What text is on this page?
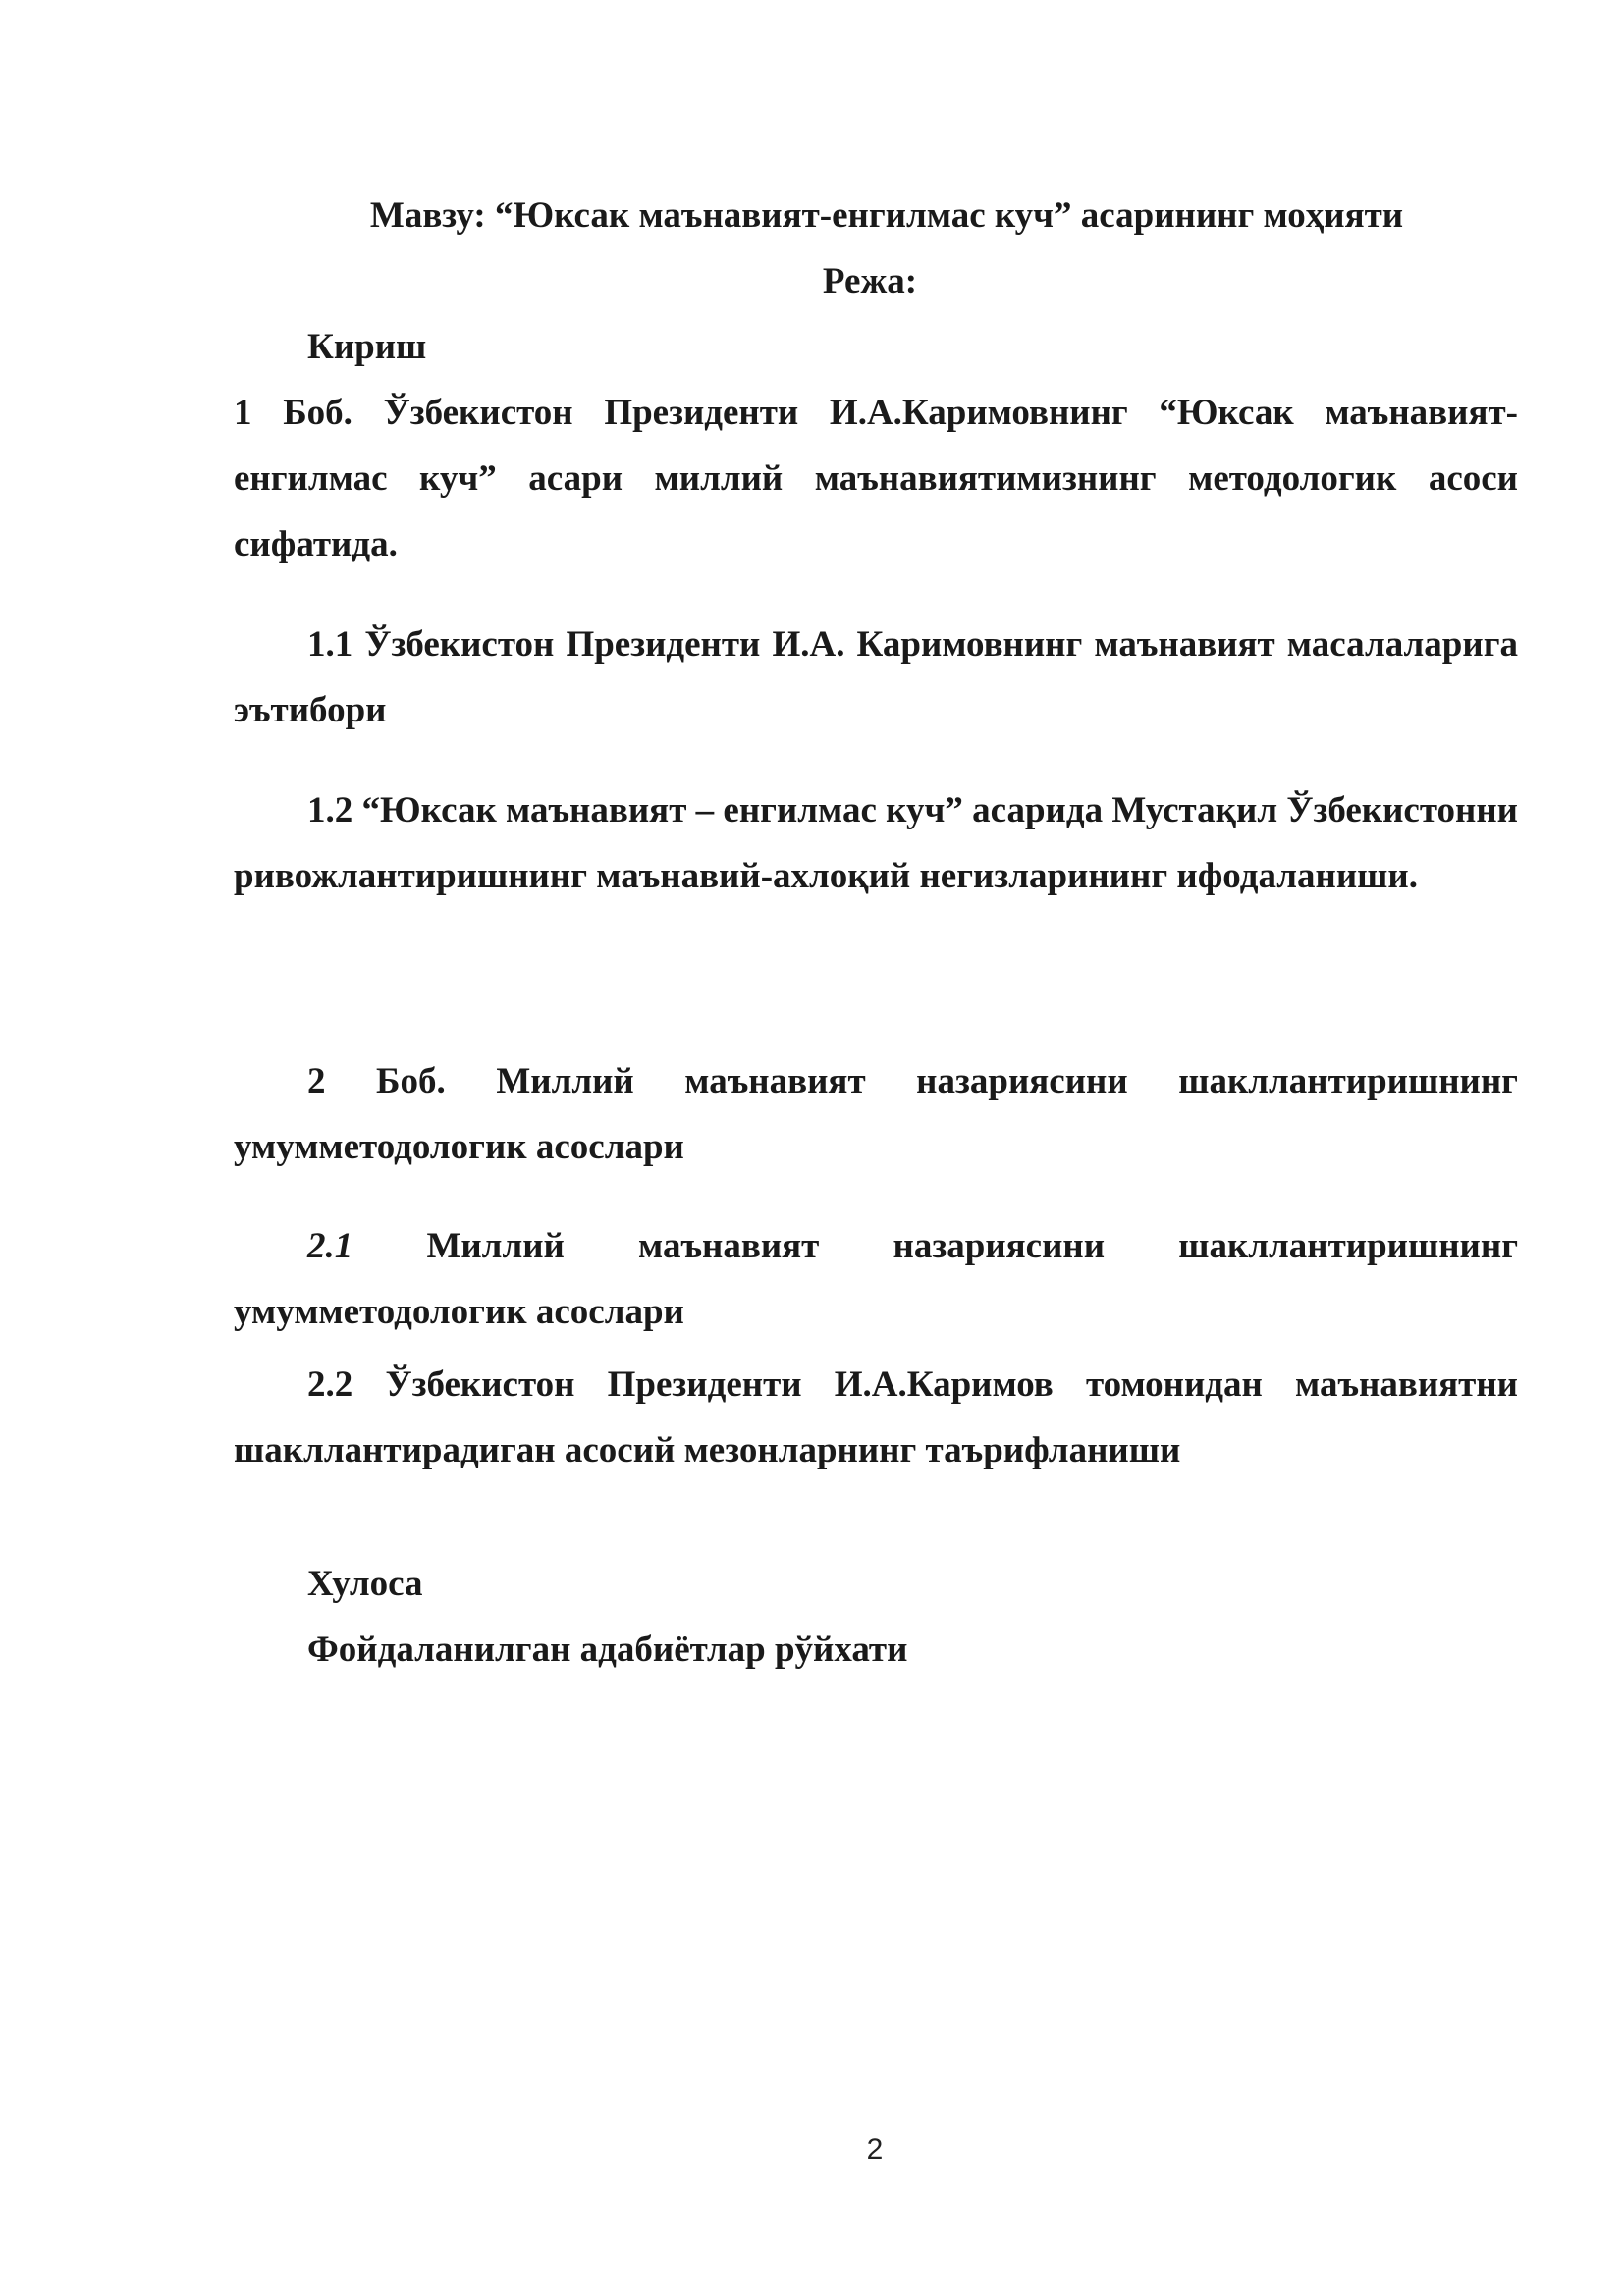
Мавзу: “Юксак маънавият-енгилмас куч” асарининг моҳияти
Режа:
Кириш
1 Боб. Ўзбекистон Президенти И.А.Каримовнинг “Юксак маънавият-енгилмас куч” асари миллий маънавиятимизнинг методологик асоси сифатида.
1.1 Ўзбекистон Президенти И.А. Каримовнинг маънавият масалаларига эътибори
1.2 “Юксак маънавият – енгилмас куч” асарида Мустақил Ўзбекистонни ривожлантиришнинг маънавий-ахлоқий негизларининг ифодаланиши.
2 Боб. Миллий маънавият назариясини шакллантиришнинг умумметодологик асослари
2.1 Миллий маънавият назариясини шакллантиришнинг умумметодологик асослари
2.2 Ўзбекистон Президенти И.А.Каримов томонидан маънавиятни шакллантирадиган асосий мезонларнинг таърифланиши
Хулоса
Фойдаланилган адабиётлар рўйхати
2
